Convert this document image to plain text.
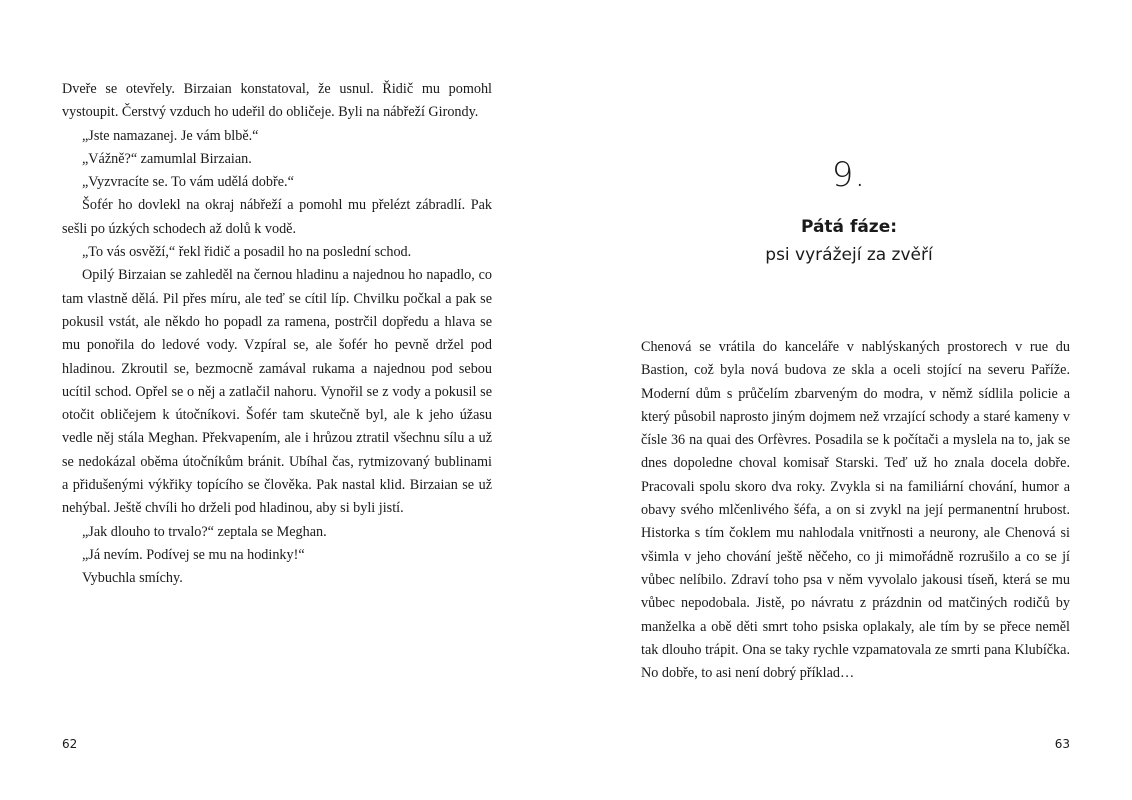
Dveře se otevřely. Birzaian konstatoval, že usnul. Řidič mu pomohl vystoupit. Čerstvý vzduch ho udeřil do obličeje. Byli na nábřeží Girondy.

„Jste namazanej. Je vám blbě.“

„Vážně?“ zamumlal Birzaian.

„Vyzvracíte se. To vám udělá dobře.“

Šofér ho dovlekl na okraj nábřeží a pomohl mu přelézt zábradlí. Pak sešli po úzkých schodech až dolů k vodě.

„To vás osvěží,“ řekl řidič a posadil ho na poslední schod.

Opilý Birzaian se zahleděl na černou hladinu a najednou ho napadlo, co tam vlastně dělá. Pil přes míru, ale teď se cítil líp. Chvilku počkal a pak se pokusil vstát, ale někdo ho popadl za ramena, postrčil dopředu a hlava se mu ponořila do ledové vody. Vzpíral se, ale šofér ho pevně držel pod hladinou. Zkroutil se, bezmocně zamával rukama a najednou pod sebou ucítil schod. Opřel se o něj a zatlačil nahoru. Vynořil se z vody a pokusil se otočit obličejem k útočníkovi. Šofér tam skutečně byl, ale k jeho úžasu vedle něj stála Meghan. Překvapením, ale i hrůzou ztratil všechnu sílu a už se nedokázal oběma útočníkům bránit. Ubíhal čas, rytmizovaný bublinami a přidušenými výkřiky topícího se člověka. Pak nastal klid. Birzaian se už nehýbal. Ještě chvíli ho drželi pod hladinou, aby si byli jistí.

„Jak dlouho to trvalo?“ zeptala se Meghan.

„Já nevím. Podívej se mu na hodinky!“

Vybuchla smíchy.

62
9.
Pátá fáze:
psi vyrážejí za zvěří

Chenová se vrátila do kanceláře v nablýskaných prostorech v rue du Bastion, což byla nová budova ze skla a oceli stojící na severu Paříže. Moderní dům s průčelím zbarveným do modra, v němž sídlila policie a který působil naprosto jiným dojmem než vrzající schody a staré kameny v čísle 36 na quai des Orfèvres. Posadila se k počítači a myslela na to, jak se dnes dopoledne choval komisař Starski. Teď už ho znala docela dobře. Pracovali spolu skoro dva roky. Zvykla si na familiární chování, humor a obavy svého mlčenlivého šéfa, a on si zvykl na její permanentní hrubost. Historka s tím čoklem mu nahlodala vnitřnosti a neurony, ale Chenová si všimla v jeho chování ještě něčeho, co ji mimořádně rozrušilo a co se jí vůbec nelíbilo. Zdraví toho psa v něm vyvolalo jakousi tíseň, která se mu vůbec nepodobala. Jistě, po návratu z prázdnin od matčiných rodičů by manželka a obě děti smrt toho psiska oplakaly, ale tím by se přece neměl tak dlouho trápit. Ona se taky rychle vzpamatovala ze smrti pana Klubíčka. No dobře, to asi není dobrý příklad…

63
